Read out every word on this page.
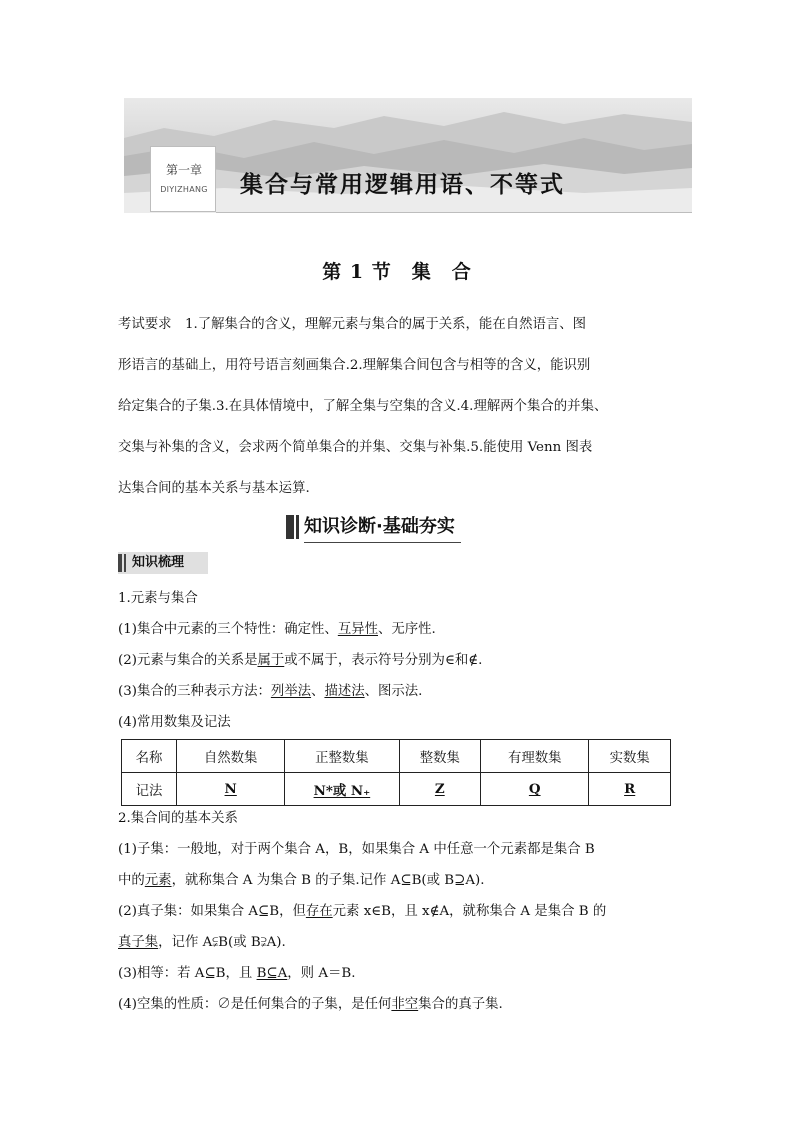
第一章
DIYIZHANG	集合与常用逻辑用语、不等式
第 1 节　集　合
考试要求　1.了解集合的含义，理解元素与集合的属于关系，能在自然语言、图
形语言的基础上，用符号语言刻画集合.2.理解集合间包含与相等的含义，能识别
给定集合的子集.3.在具体情境中，了解全集与空集的含义.4.理解两个集合的并集、
交集与补集的含义，会求两个简单集合的并集、交集与补集.5.能使用 Venn 图表
达集合间的基本关系与基本运算.
知识诊断·基础夯实
知识梳理
1.元素与集合
(1)集合中元素的三个特性：确定性、互异性、无序性.
(2)元素与集合的关系是属于或不属于，表示符号分别为∈和∉.
(3)集合的三种表示方法：列举法、描述法、图示法.
(4)常用数集及记法
名称	自然数集	正整数集	整数集	有理数集	实数集
记法	N	N*或 N₊	Z	Q	R
2.集合间的基本关系
(1)子集：一般地，对于两个集合 A，B，如果集合 A 中任意一个元素都是集合 B
中的元素，就称集合 A 为集合 B 的子集.记作 A⊆B(或 B⊇A).
(2)真子集：如果集合 A⊆B，但存在元素 x∈B，且 x∉A，就称集合 A 是集合 B 的
真子集，记作 A⫋B(或 B⫌A).
(3)相等：若 A⊆B，且 B⊆A，则 A＝B.
(4)空集的性质：∅是任何集合的子集，是任何非空集合的真子集.
